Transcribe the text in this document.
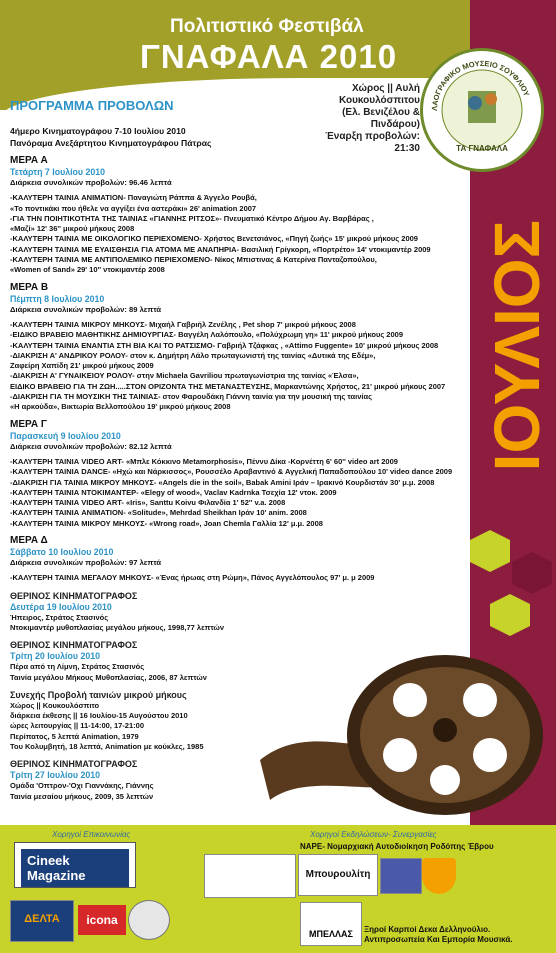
Πολιτιστικό Φεστιβάλ
ΓΝΑΦΑΛΑ 2010
Χώρος || Αυλή Κουκουλόσπιτου
(Ελ. Βενιζέλου & Πινδάρου)
Έναρξη προβολών: 21:30
ΛΑΟΓΡΑΦΙΚΟ ΜΟΥΣΕΙΟ ΣΟΥΦΛΙΟΥ
ΤΑ ΓΝΑΦΑΛΑ
ΙΟΥΛΙΟΣ
ΠΡΟΓΡΑΜΜΑ ΠΡΟΒΟΛΩΝ
4ήμερο Κινηματογράφου 7-10 Ιουλίου 2010
Πανόραμα Ανεξάρτητου Κινηματογράφου Πάτρας
ΜΕΡΑ Α
Τετάρτη 7 Ιουλίου 2010
Διάρκεια συνολικών προβολών: 96.46 λεπτά
-ΚΑΛΥΤΕΡΗ ΤΑΙΝΙΑ ANIMATION- Παναγιώτη Ράππα & Άγγελο Ρουβά,
«Το ποντικάκι που ήθελε να αγγίξει ένα αστεράκι» 26' animation 2007
-ΓΙΑ ΤΗΝ ΠΟΙΗΤΙΚΟΤΗΤΑ ΤΗΣ ΤΑΙΝΙΑΣ «ΓΙΑΝΝΗΣ ΡΙΤΣΟΣ»- Πνευματικό Κέντρο Δήμου Αγ. Βαρβάρας ,
«Μαζί» 12' 36'' μικρού μήκους 2008
-ΚΑΛΥΤΕΡΗ ΤΑΙΝΙΑ ΜΕ ΟΙΚΟΛΟΓΙΚΟ ΠΕΡΙΕΧΟΜΕΝΟ- Χρήστος Βενετσιάνος, «Πηγή ζωής» 15' μικρού μήκους 2009
-ΚΑΛΥΤΕΡΗ ΤΑΙΝΙΑ ΜΕ ΕΥΑΙΣΘΗΣΙΑ ΓΙΑ ΑΤΟΜΑ ΜΕ ΑΝΑΠΗΡΙΑ- Βασιλική Γρίγκορη, «Πορτρέτο» 14' ντοκιμαντέρ 2009
-ΚΑΛΥΤΕΡΗ ΤΑΙΝΙΑ ΜΕ ΑΝΤΙΠΟΛΕΜΙΚΟ ΠΕΡΙΕΧΟΜΕΝΟ- Νίκος Μπιστινας & Κατερίνα Πανταζοπούλου,
«Women of Sand» 29' 10'' ντοκιμαντέρ 2008
ΜΕΡΑ Β
Πέμπτη 8 Ιουλίου 2010
Διάρκεια συνολικών προβολών: 89 λεπτά
-ΚΑΛΥΤΕΡΗ ΤΑΙΝΙΑ ΜΙΚΡΟΥ ΜΗΚΟΥΣ- Μιχαήλ Γαβριήλ Ζενέλης , Pet shop 7' μικρού μήκους 2008
-ΕΙΔΙΚΟ ΒΡΑΒΕΙΟ ΜΑΘΗΤΙΚΗΣ ΔΗΜΙΟΥΡΓΙΑΣ- Βαγγέλη Λαλόπουλο, «Πολύχρωμη γη» 11' μικρού μήκους 2009
-ΚΑΛΥΤΕΡΗ ΤΑΙΝΙΑ ΕΝΑΝΤΙΑ ΣΤΗ ΒΙΑ ΚΑΙ ΤΟ ΡΑΤΣΙΣΜΟ- Γαβριήλ Τζάφκας , «Attimo Fuggente» 10' μικρού μήκους 2008
-ΔΙΑΚΡΙΣΗ Α' ΑΝΔΡΙΚΟΥ ΡΟΛΟΥ- στον κ. Δημήτρη Λάλο πρωταγωνιστή της ταινίας «Δυτικά της Εδέμ»,
Ζαφείρη Χαπίδη 21' μικρού μήκους 2009
-ΔΙΑΚΡΙΣΗ Α' ΓΥΝΑΙΚΕΙΟΥ ΡΟΛΟΥ- στην Michaela Gavriliou πρωταγωνίστρια της ταινίας «Έλσα»,
ΕΙΔΙΚΟ ΒΡΑΒΕΙΟ ΓΙΑ ΤΗ ΖΩΗ.....ΣΤΟΝ ΟΡΙΖΟΝΤΑ ΤΗΣ ΜΕΤΑΝΑΣΤΕΥΣΗΣ, Μαρκαντώνης Χρήστος, 21' μικρού μήκους 2007
-ΔΙΑΚΡΙΣΗ ΓΙΑ ΤΗ ΜΟΥΣΙΚΗ ΤΗΣ ΤΑΙΝΙΑΣ- στον Φαρουδάκη Γιάννη ταινία για την μουσική της ταινίας
«Η αρκούδα», Βικτωρία Βελλοπούλου 19' μικρού μήκους 2008
ΜΕΡΑ Γ
Παρασκευή 9 Ιουλίου 2010
Διάρκεια συνολικών προβολών: 82.12 λεπτά
-ΚΑΛΥΤΕΡΗ ΤΑΙΝΙΑ VIDEO ART- «Μπλε Κόκκινο Metamorphosis», Πέννυ Δίκα -Κορνέττη 6' 60'' video art 2009
-ΚΑΛΥΤΕΡΗ ΤΑΙΝΙΑ DANCE- «Ηχώ και Νάρκισσος», Ρουσσέλο Αραβαντινό & Αγγελική Παπαδοπούλου 10' video dance 2009
-ΔΙΑΚΡΙΣΗ ΓΙΑ ΤΑΙΝΙΑ ΜΙΚΡΟΥ ΜΗΚΟΥΣ- «Angels die in the soil», Babak Amini Ιράν – Ιρακινό Κουρδιστάν 30' μ.μ. 2008
-ΚΑΛΥΤΕΡΗ ΤΑΙΝΙΑ ΝΤΟΚΙΜΑΝΤΕΡ- «Elegy of wood», Vaclav Kadrnka Τσεχία 12' ντοκ. 2009
-ΚΑΛΥΤΕΡΗ ΤΑΙΝΙΑ VIDEO ART- «Iris», Santtu Koivu Φιλανδία 1' 52'' v.a. 2008
-ΚΑΛΥΤΕΡΗ ΤΑΙΝΙΑ ANIMATION- «Solitude», Mehrdad Sheikhan Ιράν 10' anim. 2008
-ΚΑΛΥΤΕΡΗ ΤΑΙΝΙΑ ΜΙΚΡΟΥ ΜΗΚΟΥΣ- «Wrong road», Joan Chemla Γαλλία 12' μ.μ. 2008
ΜΕΡΑ Δ
Σάββατο 10 Ιουλίου 2010
Διάρκεια συνολικών προβολών: 97 λεπτά
-ΚΑΛΥΤΕΡΗ ΤΑΙΝΙΑ ΜΕΓΑΛΟΥ ΜΗΚΟΥΣ- «Ένας ήρωας στη Ρώμη», Πάνος Αγγελόπουλος 97' μ. μ 2009
ΘΕΡΙΝΟΣ ΚΙΝΗΜΑΤΟΓΡΑΦΟΣ
Δευτέρα 19 Ιουλίου 2010
Ήπειρος, Στράτος Στασινός
Ντοκιμαντέρ μυθοπλασίας μεγάλου μήκους, 1998,77 λεπτών
ΘΕΡΙΝΟΣ ΚΙΝΗΜΑΤΟΓΡΑΦΟΣ
Τρίτη 20 Ιουλίου 2010
Πέρα από τη Λίμνη, Στράτος Στασινός
Ταινία μεγάλου Μήκους Μυθοπλασίας, 2006, 87 λεπτών
Συνεχής Προβολή ταινιών μικρού μήκους
Χώρος || Κουκουλόσπιτο
διάρκεια έκθεσης || 16 Ιουλίου-15 Αυγούστου 2010
ώρες λειτουργίας || 11-14:00, 17-21:00
Περίπατος, 5 λεπτά Animation, 1979
Του Κολυμβητή, 18 λεπτά, Animation με κούκλες, 1985
ΘΕΡΙΝΟΣ ΚΙΝΗΜΑΤΟΓΡΑΦΟΣ
Τρίτη 27 Ιουλίου 2010
Ομάδα 'Οπτρον-'Οχι Γιαννάκης, Γιάννης
Ταινία μεσαίου μήκους, 2009, 35 λεπτών
Χορηγοί Επικοινωνίας	Χορηγοί Εκδηλώσεων- Συνεργασίες
Cineek Magazine
ΔΕΛΤΑ	icona
NAPE- Νομαρχιακή Αυτοδιοίκηση Ροδόπης Έβρου
Μπουρουλίτη
ΜΠΕΛΛΑΣ	Ξηροί Καρποί Δεκα Δελληνούλιο.
Αντιπροσωπεία Και Εμπορία Μουσικά.
